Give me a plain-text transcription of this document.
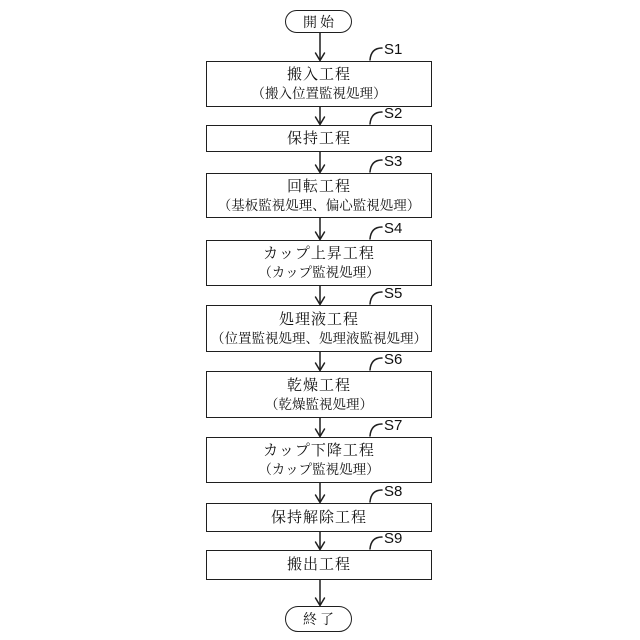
開始
搬入工程
（搬入位置監視処理）
保持工程
回転工程
（基板監視処理、偏心監視処理）
カップ上昇工程
（カップ監視処理）
処理液工程
（位置監視処理、処理液監視処理）
乾燥工程
（乾燥監視処理）
カップ下降工程
（カップ監視処理）
保持解除工程
搬出工程
S1
S2
S3
S4
S5
S6
S7
S8
S9
終了
